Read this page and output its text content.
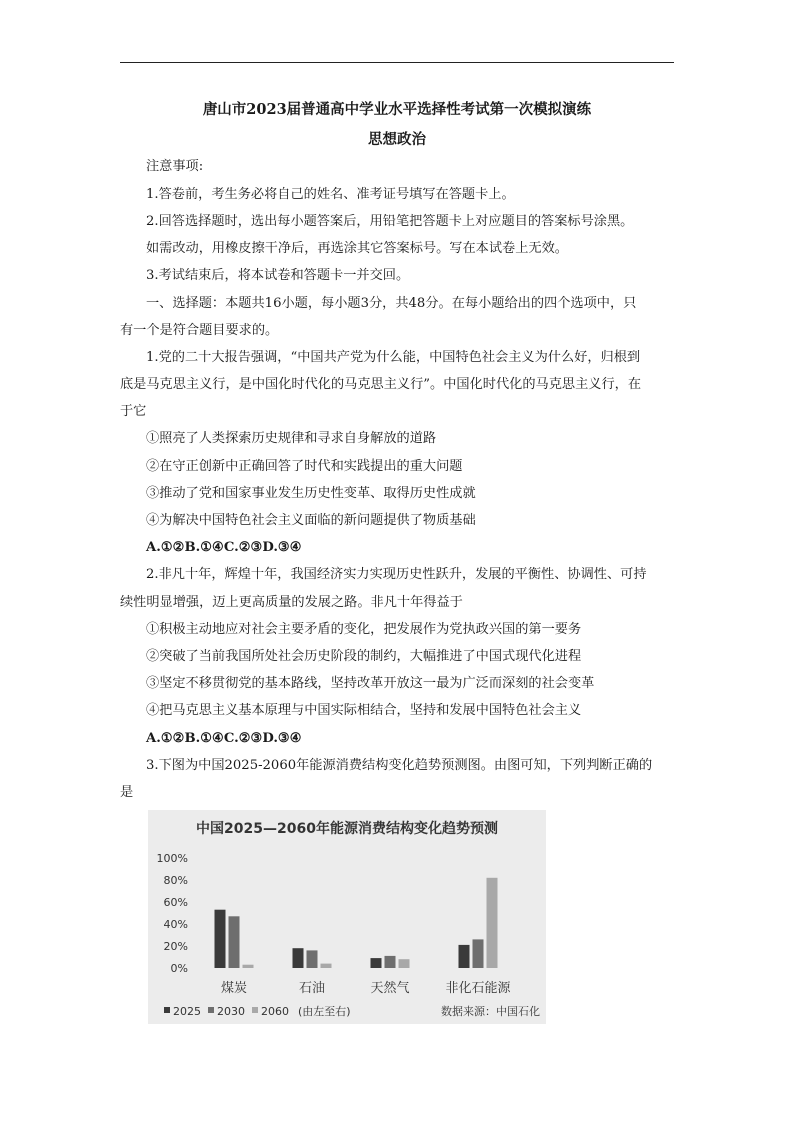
唐山市2023届普通高中学业水平选择性考试第一次模拟演练
思想政治
注意事项:
1.答卷前，考生务必将自己的姓名、准考证号填写在答题卡上。
2.回答选择题时，选出每小题答案后，用铅笔把答题卡上对应题目的答案标号涂黑。
如需改动，用橡皮擦干净后，再选涂其它答案标号。写在本试卷上无效。
3.考试结束后，将本试卷和答题卡一并交回。
一、选择题：本题共16小题，每小题3分，共48分。在每小题给出的四个选项中，只
有一个是符合题目要求的。
1.党的二十大报告强调，“中国共产党为什么能，中国特色社会主义为什么好，归根到
底是马克思主义行，是中国化时代化的马克思主义行”。中国化时代化的马克思主义行，在
于它
①照亮了人类探索历史规律和寻求自身解放的道路
②在守正创新中正确回答了时代和实践提出的重大问题
③推动了党和国家事业发生历史性变革、取得历史性成就
④为解决中国特色社会主义面临的新问题提供了物质基础
A.①②B.①④C.②③D.③④
2.非凡十年，辉煌十年，我国经济实力实现历史性跃升，发展的平衡性、协调性、可持
续性明显增强，迈上更高质量的发展之路。非凡十年得益于
①积极主动地应对社会主要矛盾的变化，把发展作为党执政兴国的第一要务
②突破了当前我国所处社会历史阶段的制约，大幅推进了中国式现代化进程
③坚定不移贯彻党的基本路线，坚持改革开放这一最为广泛而深刻的社会变革
④把马克思主义基本原理与中国实际相结合，坚持和发展中国特色社会主义
A.①②B.①④C.②③D.③④
3.下图为中国2025-2060年能源消费结构变化趋势预测图。由图可知，下列判断正确的
是
中国2025—2060年能源消费结构变化趋势预测
100%
80%
60%
40%
20%
0%
煤炭	石油	天然气	非化石能源
2025 2030 2060 (由左至右)	数据来源：中国石化
